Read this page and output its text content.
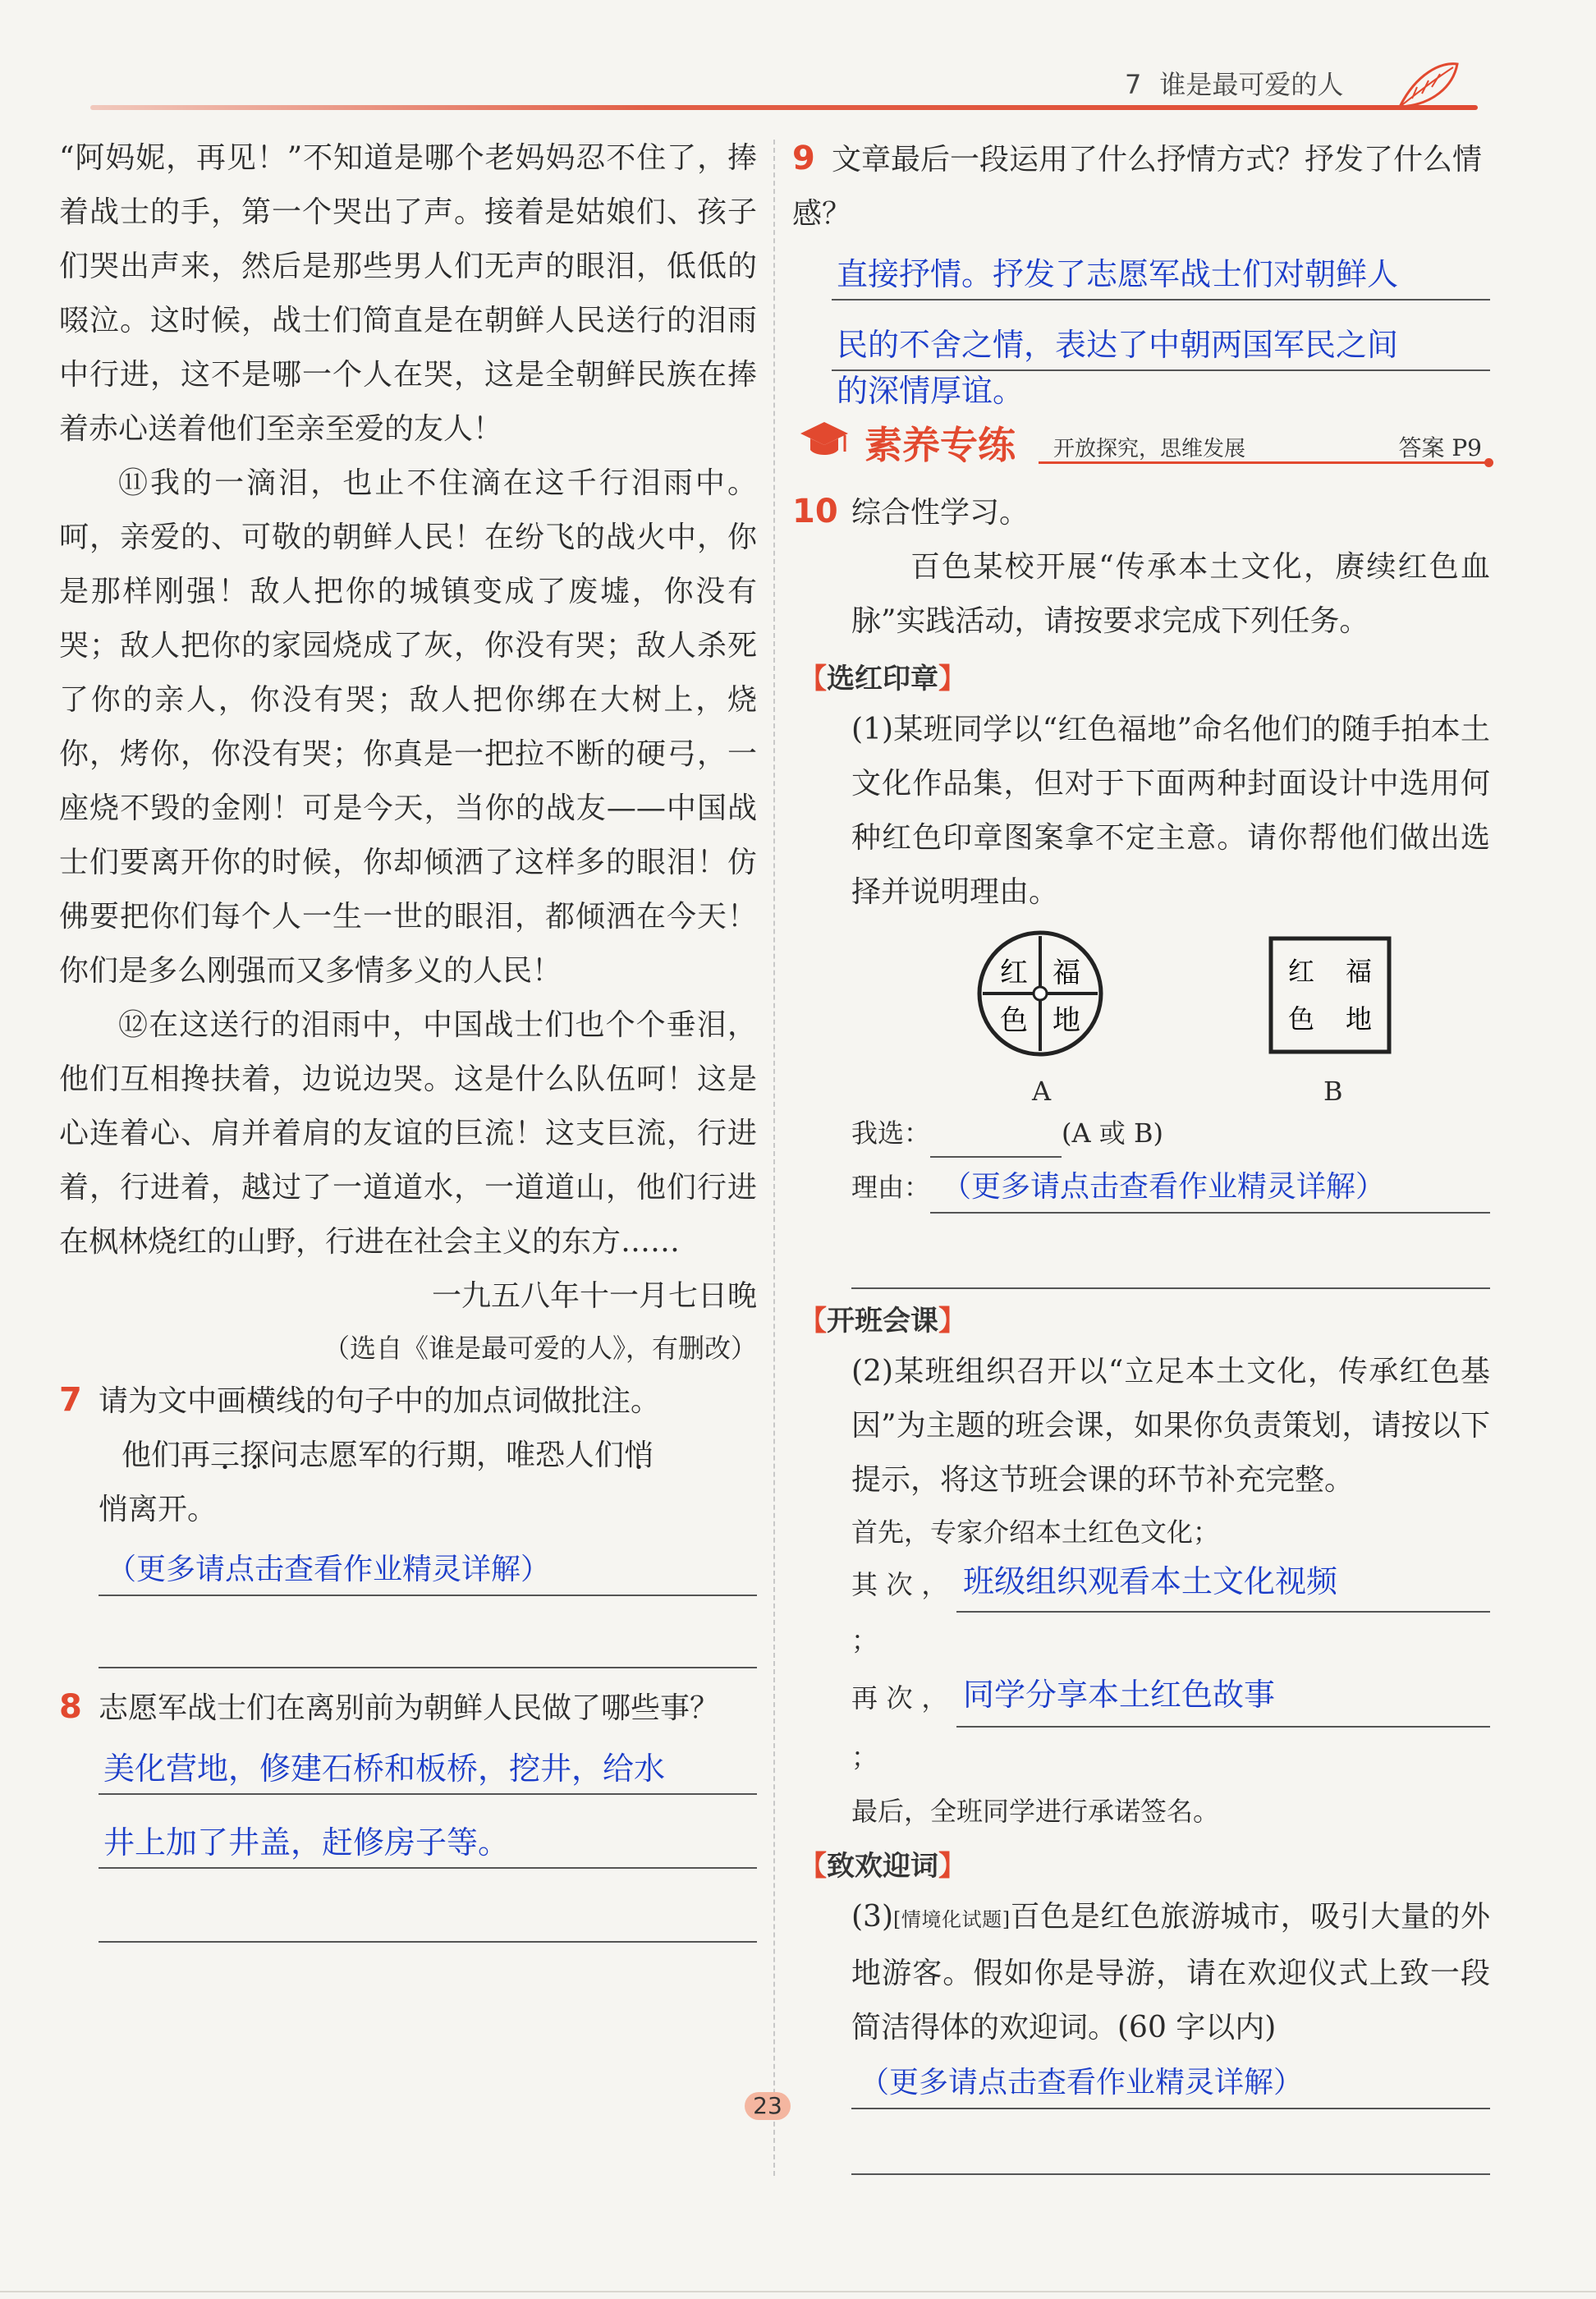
7 谁是最可爱的人

“阿妈妮，再见！”不知道是哪个老妈妈忍不住了，捧着战士的手，第一个哭出了声。接着是姑娘们、孩子们哭出声来，然后是那些男人们无声的眼泪，低低的啜泣。这时候，战士们简直是在朝鲜人民送行的泪雨中行进，这不是哪一个人在哭，这是全朝鲜民族在捧着赤心送着他们至亲至爱的友人！

⑪我的一滴泪，也止不住滴在这千行泪雨中。呵，亲爱的、可敬的朝鲜人民！在纷飞的战火中，你是那样刚强！敌人把你的城镇变成了废墟，你没有哭；敌人把你的家园烧成了灰，你没有哭；敌人杀死了你的亲人，你没有哭；敌人把你绑在大树上，烧你，烤你，你没有哭；你真是一把拉不断的硬弓，一座烧不毁的金刚！可是今天，当你的战友——中国战士们要离开你的时候，你却倾洒了这样多的眼泪！仿佛要把你们每个人一生一世的眼泪，都倾洒在今天！你们是多么刚强而又多情多义的人民！

⑫在这送行的泪雨中，中国战士们也个个垂泪，他们互相搀扶着，边说边哭。这是什么队伍呵！这是心连着心、肩并着肩的友谊的巨流！这支巨流，行进着，行进着，越过了一道道水，一道道山，他们行进在枫林烧红的山野，行进在社会主义的东方……

一九五八年十一月七日晚

（选自《谁是最可爱的人》，有删改）

7 请为文中画横线的句子中的加点词做批注。

他们再三探问志愿军的行期，唯恐人们悄

悄离开。

（更多请点击查看作业精灵详解）

8 志愿军战士们在离别前为朝鲜人民做了哪些事？

美化营地，修建石桥和板桥，挖井，给水
井上加了井盖，赶修房子等。

9 文章最后一段运用了什么抒情方式？抒发了什么情感？

直接抒情。抒发了志愿军战士们对朝鲜人
民的不舍之情，表达了中朝两国军民之间
的深情厚谊。
素养专练 开放探究，思维发展	答案 P9

10 综合性学习。

百色某校开展“传承本土文化，赓续红色血脉”实践活动，请按要求完成下列任务。

【选红印章】

(1)某班同学以“红色福地”命名他们的随手拍本土文化作品集，但对于下面两种封面设计中选用何种红色印章图案拿不定主意。请你帮他们做出选择并说明理由。

红 福
色 地
红 福
色 地
A	B

我选：	(A 或 B)

理由： （更多请点击查看作业精灵详解）
【开班会课】

(2)某班组织召开以“立足本土文化，传承红色基因”为主题的班会课，如果你负责策划，请按以下提示，将这节班会课的环节补充完整。

首先，专家介绍本土红色文化；

其次， 班级组织观看本土文化视频
；

再次， 同学分享本土红色故事
；

最后，全班同学进行承诺签名。

【致欢迎词】

(3)[情境化试题]百色是红色旅游城市，吸引大量的外地游客。假如你是导游，请在欢迎仪式上致一段简洁得体的欢迎词。(60 字以内)

（更多请点击查看作业精灵详解）
23
